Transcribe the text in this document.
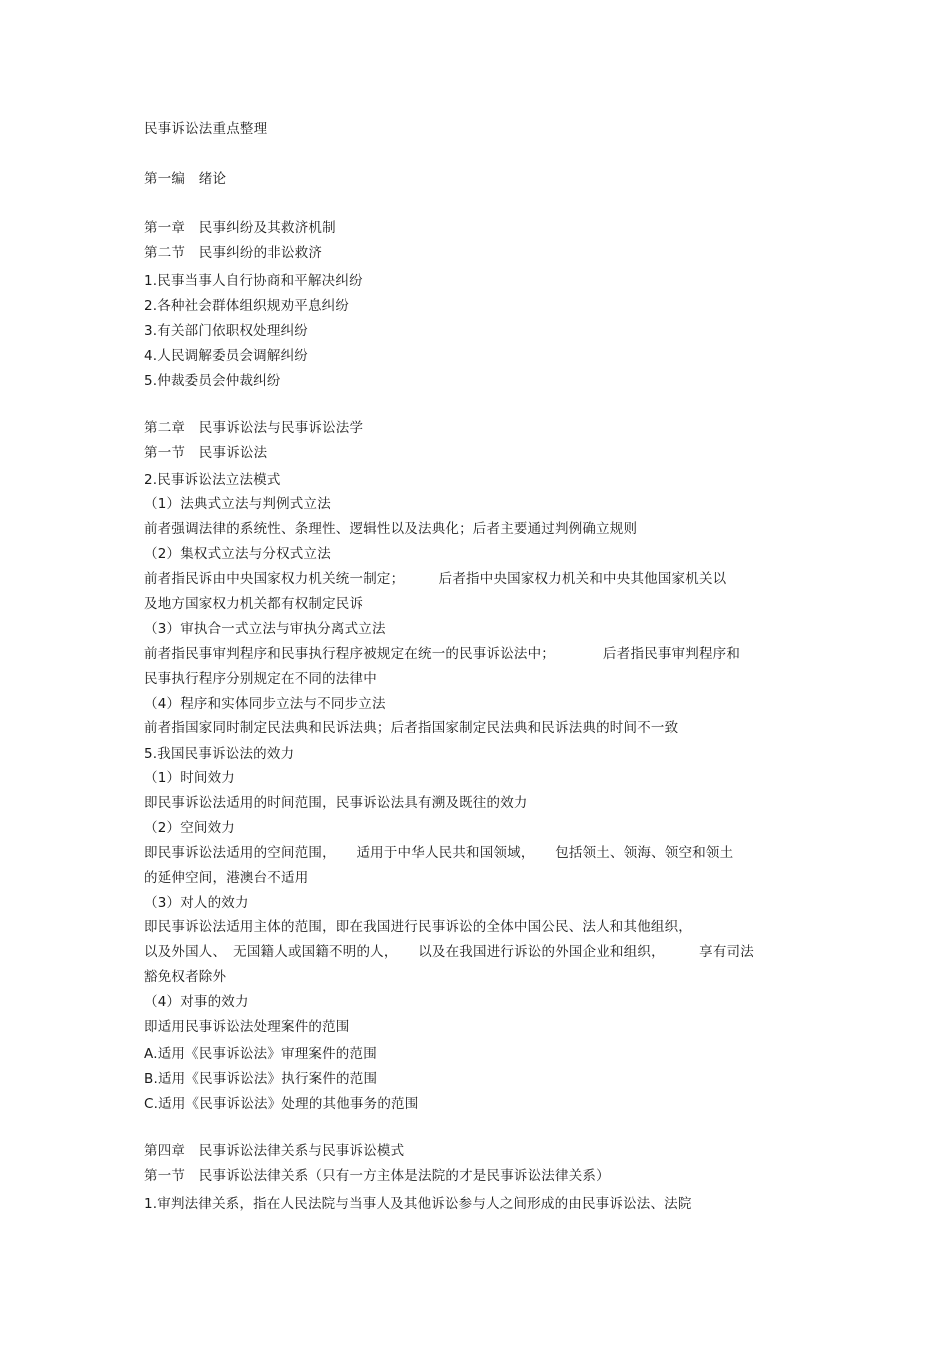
民事诉讼法重点整理
第一编　绪论
第一章　民事纠纷及其救济机制
第二节　民事纠纷的非讼救济
1.民事当事人自行协商和平解决纠纷
2.各种社会群体组织规劝平息纠纷
3.有关部门依职权处理纠纷
4.人民调解委员会调解纠纷
5.仲裁委员会仲裁纠纷
第二章　民事诉讼法与民事诉讼法学
第一节　民事诉讼法
2.民事诉讼法立法模式
（1）法典式立法与判例式立法
前者强调法律的系统性、条理性、逻辑性以及法典化；后者主要通过判例确立规则
（2）集权式立法与分权式立法
前者指民诉由中央国家权力机关统一制定；　　　后者指中央国家权力机关和中央其他国家机关以
及地方国家权力机关都有权制定民诉
（3）审执合一式立法与审执分离式立法
前者指民事审判程序和民事执行程序被规定在统一的民事诉讼法中；　　　　后者指民事审判程序和
民事执行程序分别规定在不同的法律中
（4）程序和实体同步立法与不同步立法
前者指国家同时制定民法典和民诉法典；后者指国家制定民法典和民诉法典的时间不一致
5.我国民事诉讼法的效力
（1）时间效力
即民事诉讼法适用的时间范围，民事诉讼法具有溯及既往的效力
（2）空间效力
即民事诉讼法适用的空间范围，　　适用于中华人民共和国领域，　　包括领土、领海、领空和领土
的延伸空间，港澳台不适用
（3）对人的效力
即民事诉讼法适用主体的范围，即在我国进行民事诉讼的全体中国公民、法人和其他组织，
以及外国人、　无国籍人或国籍不明的人，　　以及在我国进行诉讼的外国企业和组织，　　　享有司法
豁免权者除外
（4）对事的效力
即适用民事诉讼法处理案件的范围
A.适用《民事诉讼法》审理案件的范围
B.适用《民事诉讼法》执行案件的范围
C.适用《民事诉讼法》处理的其他事务的范围
第四章　民事诉讼法律关系与民事诉讼模式
第一节　民事诉讼法律关系（只有一方主体是法院的才是民事诉讼法律关系）
1.审判法律关系，指在人民法院与当事人及其他诉讼参与人之间形成的由民事诉讼法、法院
